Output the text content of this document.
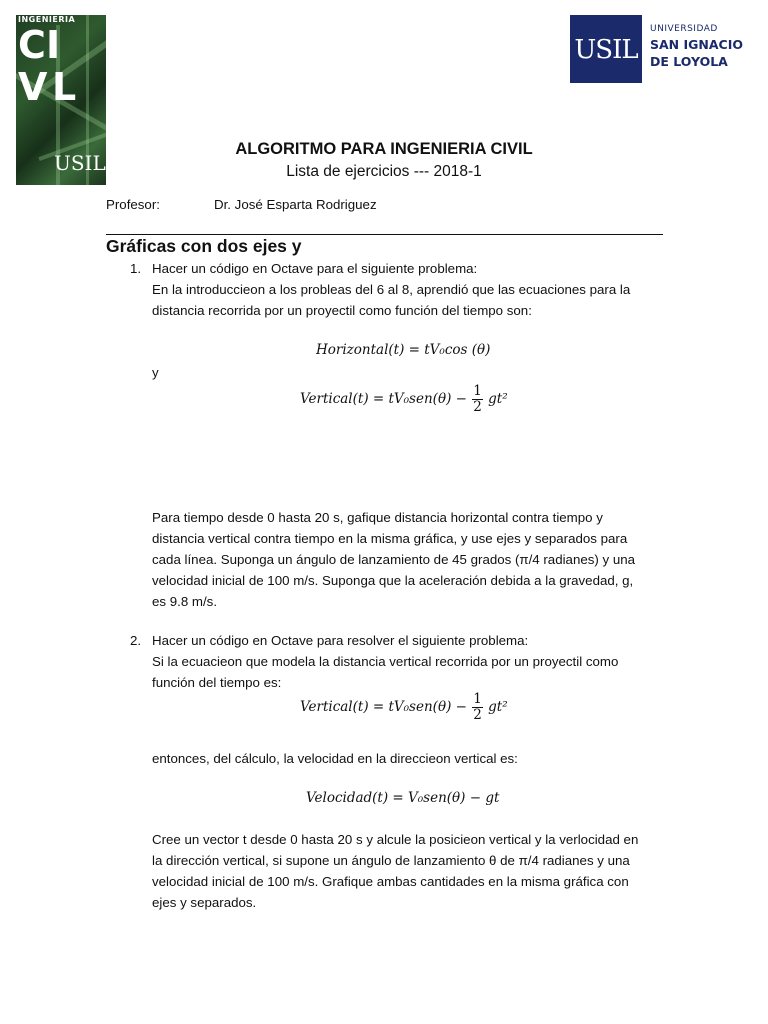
INGENIERIA
C I
V L
USIL
USIL
UNIVERSIDAD
SAN IGNACIO
DE LOYOLA
ALGORITMO PARA INGENIERIA CIVIL
Lista de ejercicios --- 2018-1
Profesor:	Dr. José Esparta Rodriguez
Gráficas con dos ejes y
1. Hacer un código en Octave para el siguiente problema:
En la introduccieon a los probleas del 6 al 8, aprendió que las ecuaciones para la
distancia recorrida por un proyectil como función del tiempo son:
Horizontal(t) = tV₀cos (θ)
y
Vertical(t) = $tV_0sen(\theta) - \frac{1}{2} gt^2$
Para tiempo desde 0 hasta 20 s, gafique distancia horizontal contra tiempo y
distancia vertical contra tiempo en la misma gráfica, y use ejes y separados para
cada línea. Suponga un ángulo de lanzamiento de 45 grados (π/4 radianes) y una
velocidad inicial de 100 m/s. Suponga que la aceleración debida a la gravedad, g,
es 9.8 m/s.
2. Hacer un código en Octave para resolver el siguiente problema:
Si la ecuacieon que modela la distancia vertical recorrida por un proyectil como
función del tiempo es:
Vertical(t) = $tV_0sen(\theta) - \frac{1}{2} gt^2$
entonces, del cálculo, la velocidad en la direccieon vertical es:
Velocidad(t) = V₀sen(θ) − gt
Cree un vector t desde 0 hasta 20 s y alcule la posicieon vertical y la verlocidad en
la dirección vertical, si supone un ángulo de lanzamiento θ de π/4 radianes y una
velocidad inicial de 100 m/s. Grafique ambas cantidades en la misma gráfica con
ejes y separados.
